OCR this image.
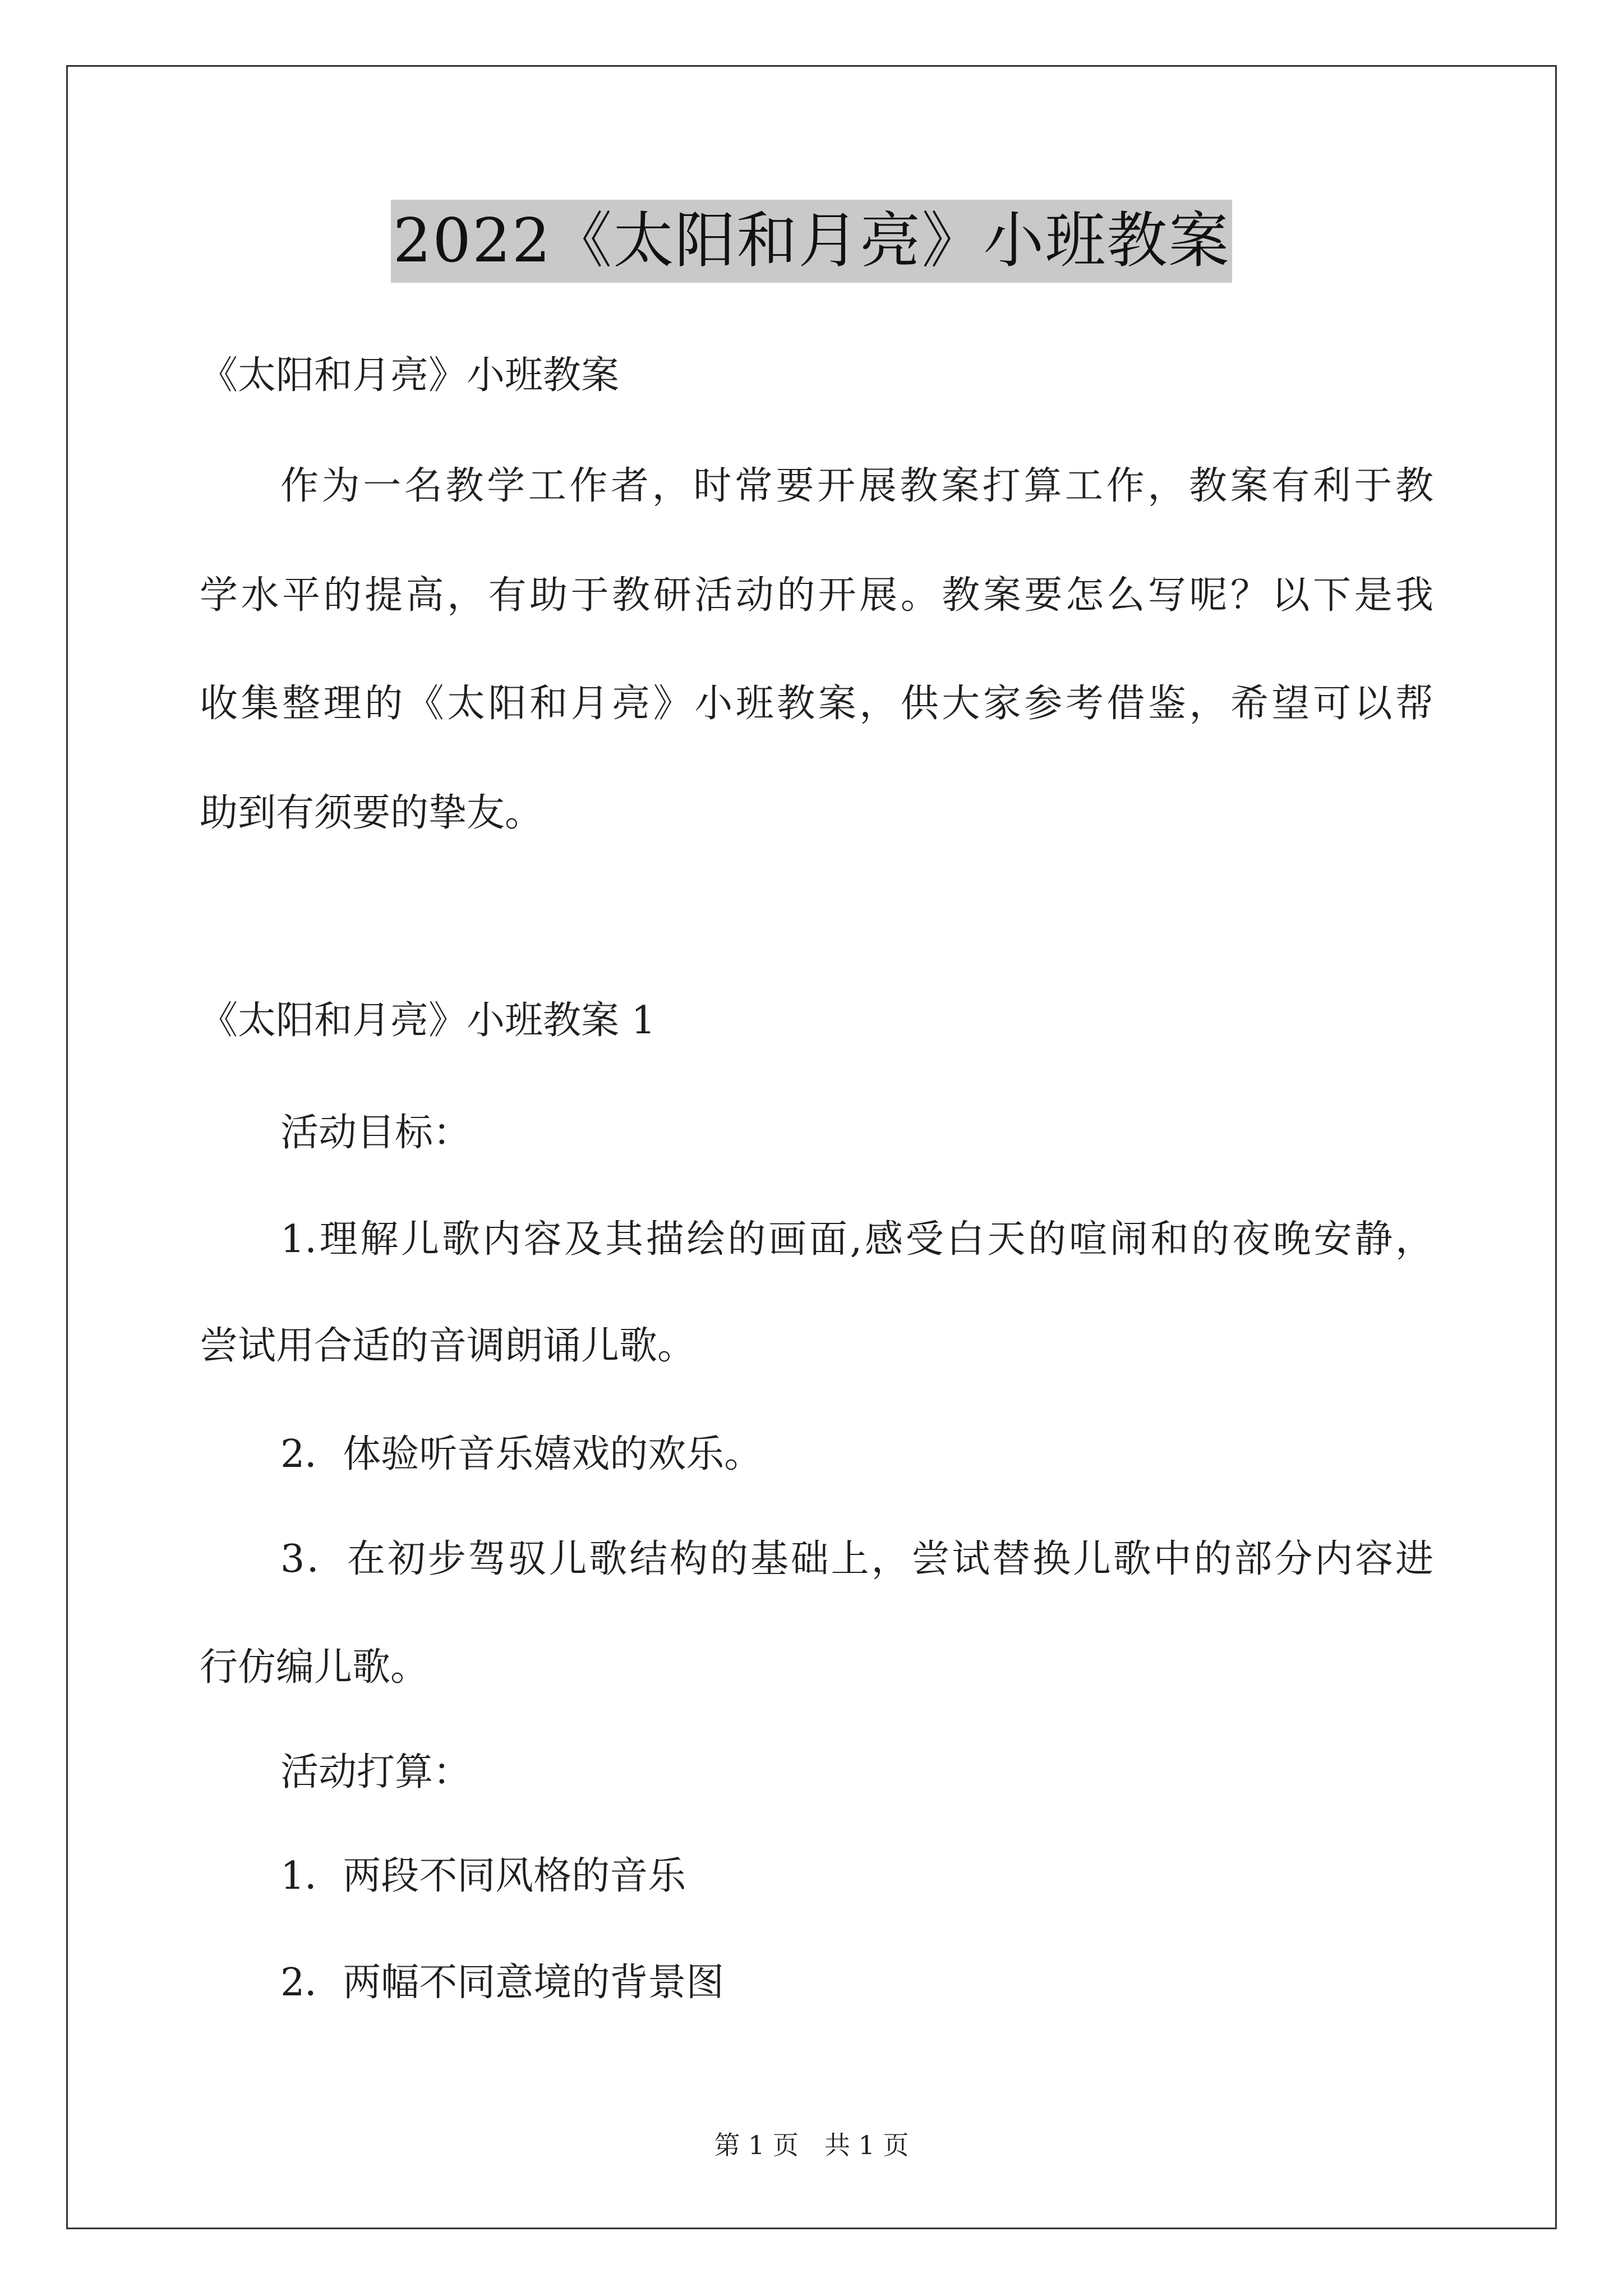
2022《太阳和月亮》小班教案
《太阳和月亮》小班教案
作为一名教学工作者，时常要开展教案打算工作，教案有利于教
学水平的提高，有助于教研活动的开展。教案要怎么写呢？以下是我
收集整理的《太阳和月亮》小班教案，供大家参考借鉴，希望可以帮
助到有须要的挚友。
《太阳和月亮》小班教案 1
活动目标：
1.理解儿歌内容及其描绘的画面,感受白天的喧闹和的夜晚安静，
尝试用合适的音调朗诵儿歌。
2．体验听音乐嬉戏的欢乐。
3．在初步驾驭儿歌结构的基础上，尝试替换儿歌中的部分内容进
行仿编儿歌。
活动打算：
1．两段不同风格的音乐
2．两幅不同意境的背景图
第 1 页　共 1 页
